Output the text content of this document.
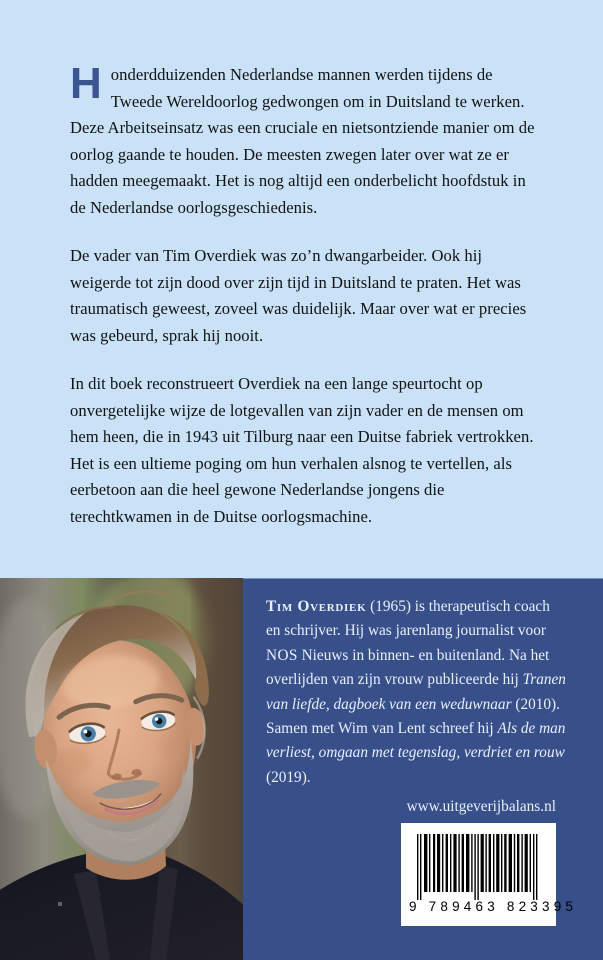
Honderdduizenden Nederlandse mannen werden tijdens de Tweede Wereldoorlog gedwongen om in Duitsland te werken. Deze Arbeitseinsatz was een cruciale en nietsontziende manier om de oorlog gaande te houden. De meesten zwegen later over wat ze er hadden meegemaakt. Het is nog altijd een onderbelicht hoofdstuk in de Nederlandse oorlogsgeschiedenis.

De vader van Tim Overdiek was zo’n dwangarbeider. Ook hij weigerde tot zijn dood over zijn tijd in Duitsland te praten. Het was traumatisch geweest, zoveel was duidelijk. Maar over wat er precies was gebeurd, sprak hij nooit.

In dit boek reconstrueert Overdiek na een lange speurtocht op onvergetelijke wijze de lotgevallen van zijn vader en de mensen om hem heen, die in 1943 uit Tilburg naar een Duitse fabriek vertrokken. Het is een ultieme poging om hun verhalen alsnog te vertellen, als eerbetoon aan die heel gewone Nederlandse jongens die terechtkwamen in de Duitse oorlogsmachine.

Tim Overdiek (1965) is therapeutisch coach en schrijver. Hij was jarenlang journalist voor NOS Nieuws in binnen- en buitenland. Na het overlijden van zijn vrouw publiceerde hij Tranen van liefde, dagboek van een weduwnaar (2010). Samen met Wim van Lent schreef hij Als de man verliest, omgaan met tegenslag, verdriet en rouw (2019).
www.uitgeverijbalans.nl
9 789463 823395
